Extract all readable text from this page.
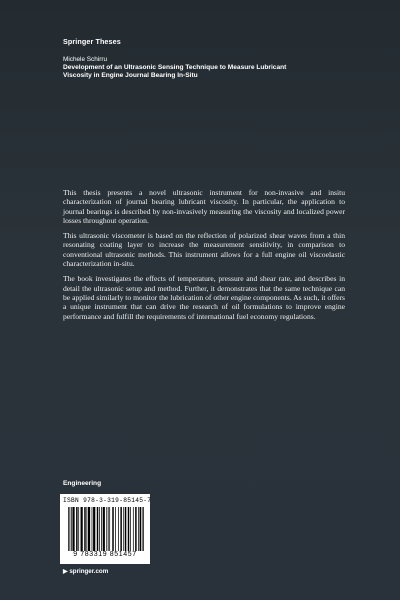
Springer Theses
Michele Schirru
Development of an Ultrasonic Sensing Technique to Measure Lubricant
Viscosity in Engine Journal Bearing In-Situ

This thesis presents a novel ultrasonic instrument for non-invasive and insitu characterization of journal bearing lubricant viscosity. In particular, the application to journal bearings is described by non-invasively measuring the viscosity and localized power losses throughout operation.

This ultrasonic viscometer is based on the reflection of polarized shear waves from a thin resonating coating layer to increase the measurement sensitivity, in comparison to conventional ultrasonic methods. This instrument allows for a full engine oil viscoelastic characterization in-situ.

The book investigates the effects of temperature, pressure and shear rate, and describes in detail the ultrasonic setup and method. Further, it demonstrates that the same technique can be applied similarly to monitor the lubrication of other engine components. As such, it offers a unique instrument that can drive the research of oil formulations to improve engine performance and fulfill the requirements of international fuel economy regulations.

Engineering
ISBN 978-3-319-85145-7
9 783319 851457
▶ springer.com
